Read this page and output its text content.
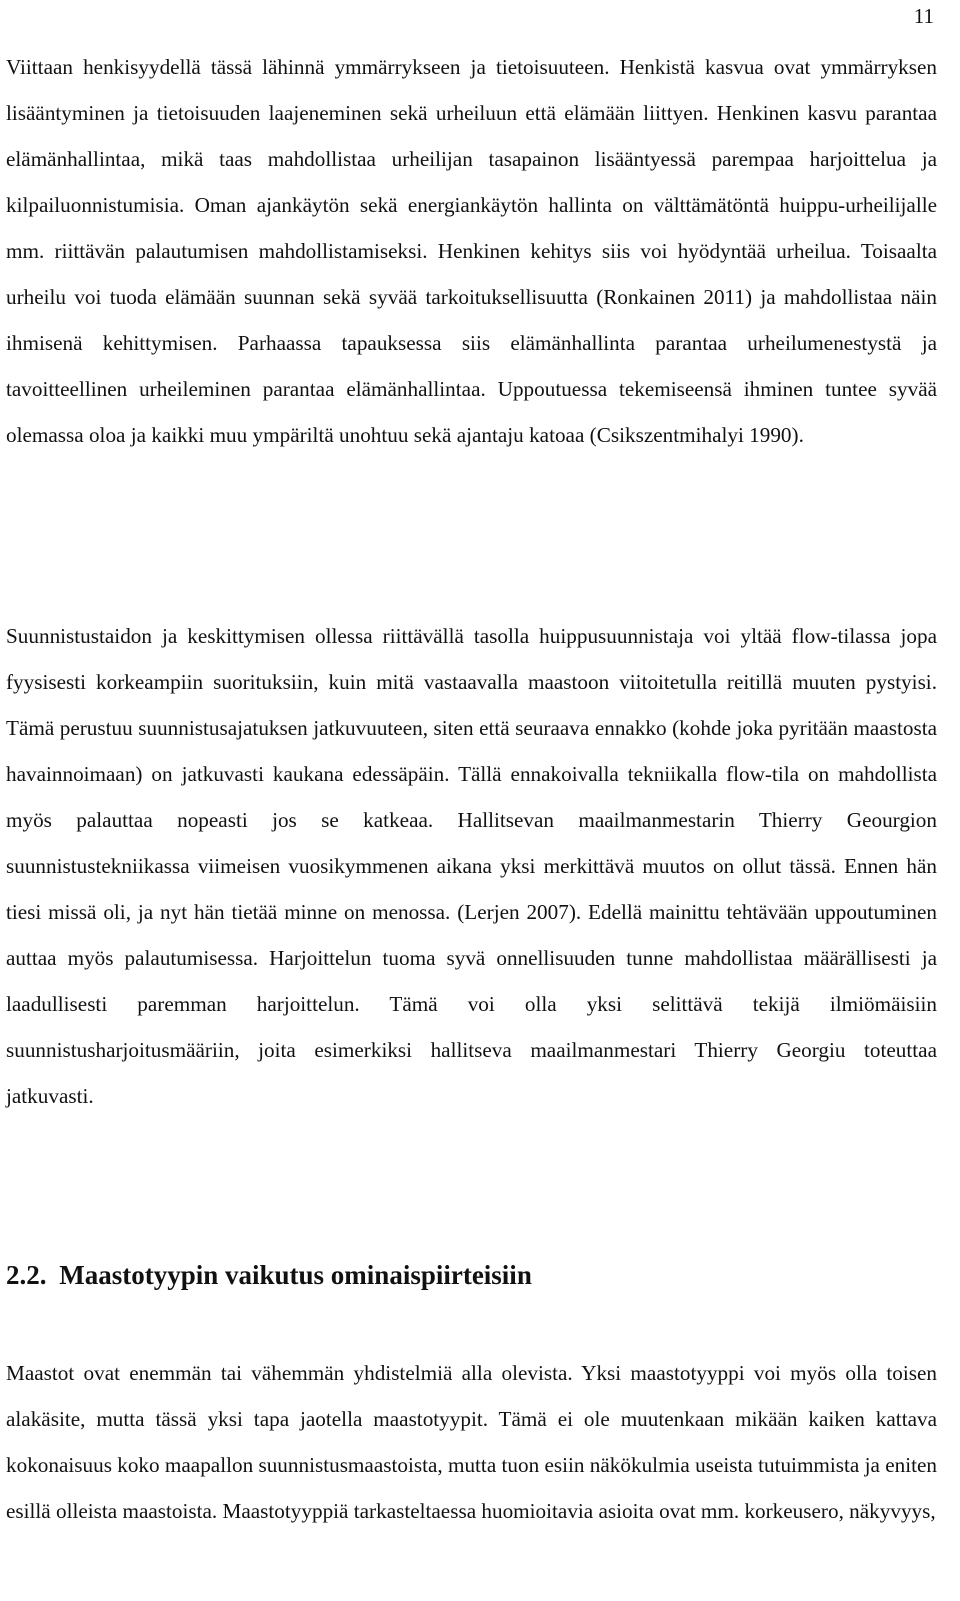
11

Viittaan henkisyydellä tässä lähinnä ymmärrykseen ja tietoisuuteen. Henkistä kasvua ovat ymmärryksen lisääntyminen ja tietoisuuden laajeneminen sekä urheiluun että elämään liittyen. Henkinen kasvu parantaa elämänhallintaa, mikä taas mahdollistaa urheilijan tasapainon lisääntyessä parempaa harjoittelua ja kilpailuonnistumisia. Oman ajankäytön sekä energiankäytön hallinta on välttämätöntä huippu-urheilijalle mm. riittävän palautumisen mahdollistamiseksi. Henkinen kehitys siis voi hyödyntää urheilua. Toisaalta urheilu voi tuoda elämään suunnan sekä syvää tarkoituksellisuutta (Ronkainen 2011) ja mahdollistaa näin ihmisenä kehittymisen. Parhaassa tapauksessa siis elämänhallinta parantaa urheilumenestystä ja tavoitteellinen urheileminen parantaa elämänhallintaa. Uppoutuessa tekemiseensä ihminen tuntee syvää olemassa oloa ja kaikki muu ympäriltä unohtuu sekä ajantaju katoaa (Csikszentmihalyi 1990).

Suunnistustaidon ja keskittymisen ollessa riittävällä tasolla huippusuunnistaja voi yltää flow-tilassa jopa fyysisesti korkeampiin suorituksiin, kuin mitä vastaavalla maastoon viitoitetulla reitillä muuten pystyisi. Tämä perustuu suunnistusajatuksen jatkuvuuteen, siten että seuraava ennakko (kohde joka pyritään maastosta havainnoimaan) on jatkuvasti kaukana edessäpäin. Tällä ennakoivalla tekniikalla flow-tila on mahdollista myös palauttaa nopeasti jos se katkeaa. Hallitsevan maailmanmestarin Thierry Geourgion suunnistustekniikassa viimeisen vuosikymmenen aikana yksi merkittävä muutos on ollut tässä. Ennen hän tiesi missä oli, ja nyt hän tietää minne on menossa. (Lerjen 2007). Edellä mainittu tehtävään uppoutuminen auttaa myös palautumisessa. Harjoittelun tuoma syvä onnellisuuden tunne mahdollistaa määrällisesti ja laadullisesti paremman harjoittelun. Tämä voi olla yksi selittävä tekijä ilmiömäisiin suunnistusharjoitusmääriin, joita esimerkiksi hallitseva maailmanmestari Thierry Georgiu toteuttaa jatkuvasti.

2.2. Maastotyypin vaikutus ominaispiirteisiin

Maastot ovat enemmän tai vähemmän yhdistelmiä alla olevista. Yksi maastotyyppi voi myös olla toisen alakäsite, mutta tässä yksi tapa jaotella maastotyypit. Tämä ei ole muutenkaan mikään kaiken kattava kokonaisuus koko maapallon suunnistusmaastoista, mutta tuon esiin näkökulmia useista tutuimmista ja eniten esillä olleista maastoista. Maastotyyppiä tarkasteltaessa huomioitavia asioita ovat mm. korkeusero, näkyvyys,
